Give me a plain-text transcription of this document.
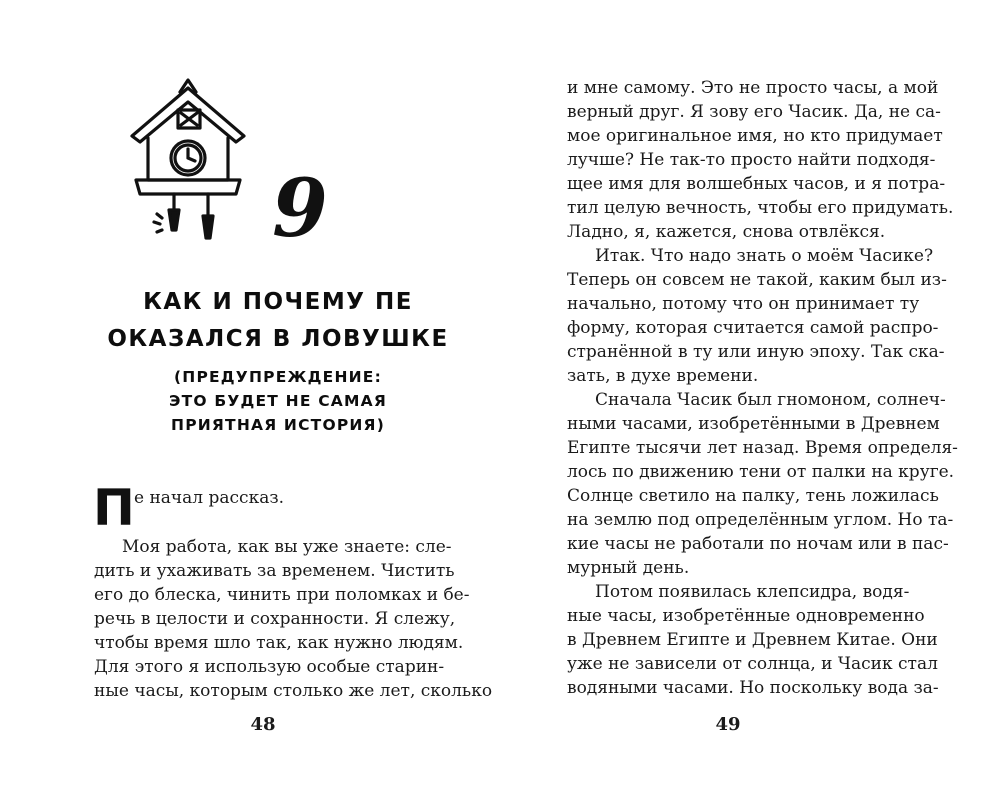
9
КАК И ПОЧЕМУ ПЕ
ОКАЗАЛСЯ В ЛОВУШКЕ

(ПРЕДУПРЕЖДЕНИЕ:
ЭТО БУДЕТ НЕ САМАЯ
ПРИЯТНАЯ ИСТОРИЯ)

П е начал рассказ.
Моя работа, как вы уже знаете: сле-
дить и ухаживать за временем. Чистить
его до блеска, чинить при поломках и бе-
речь в целости и сохранности. Я слежу,
чтобы время шло так, как нужно людям.
Для этого я использую особые старин-
ные часы, которым столько же лет, сколько
48
и мне самому. Это не просто часы, а мой
верный друг. Я зову его Часик. Да, не са-
мое оригинальное имя, но кто придумает
лучше? Не так-то просто найти подходя-
щее имя для волшебных часов, и я потра-
тил целую вечность, чтобы его придумать.
Ладно, я, кажется, снова отвлёкся.
Итак. Что надо знать о моём Часике?
Теперь он совсем не такой, каким был из-
начально, потому что он принимает ту
форму, которая считается самой распро-
странённой в ту или иную эпоху. Так ска-
зать, в духе времени.
Сначала Часик был гномоном, солнеч-
ными часами, изобретёнными в Древнем
Египте тысячи лет назад. Время определя-
лось по движению тени от палки на круге.
Солнце светило на палку, тень ложилась
на землю под определённым углом. Но та-
кие часы не работали по ночам или в пас-
мурный день.
Потом появилась клепсидра, водя-
ные часы, изобретённые одновременно
в Древнем Египте и Древнем Китае. Они
уже не зависели от солнца, и Часик стал
водяными часами. Но поскольку вода за-
49
